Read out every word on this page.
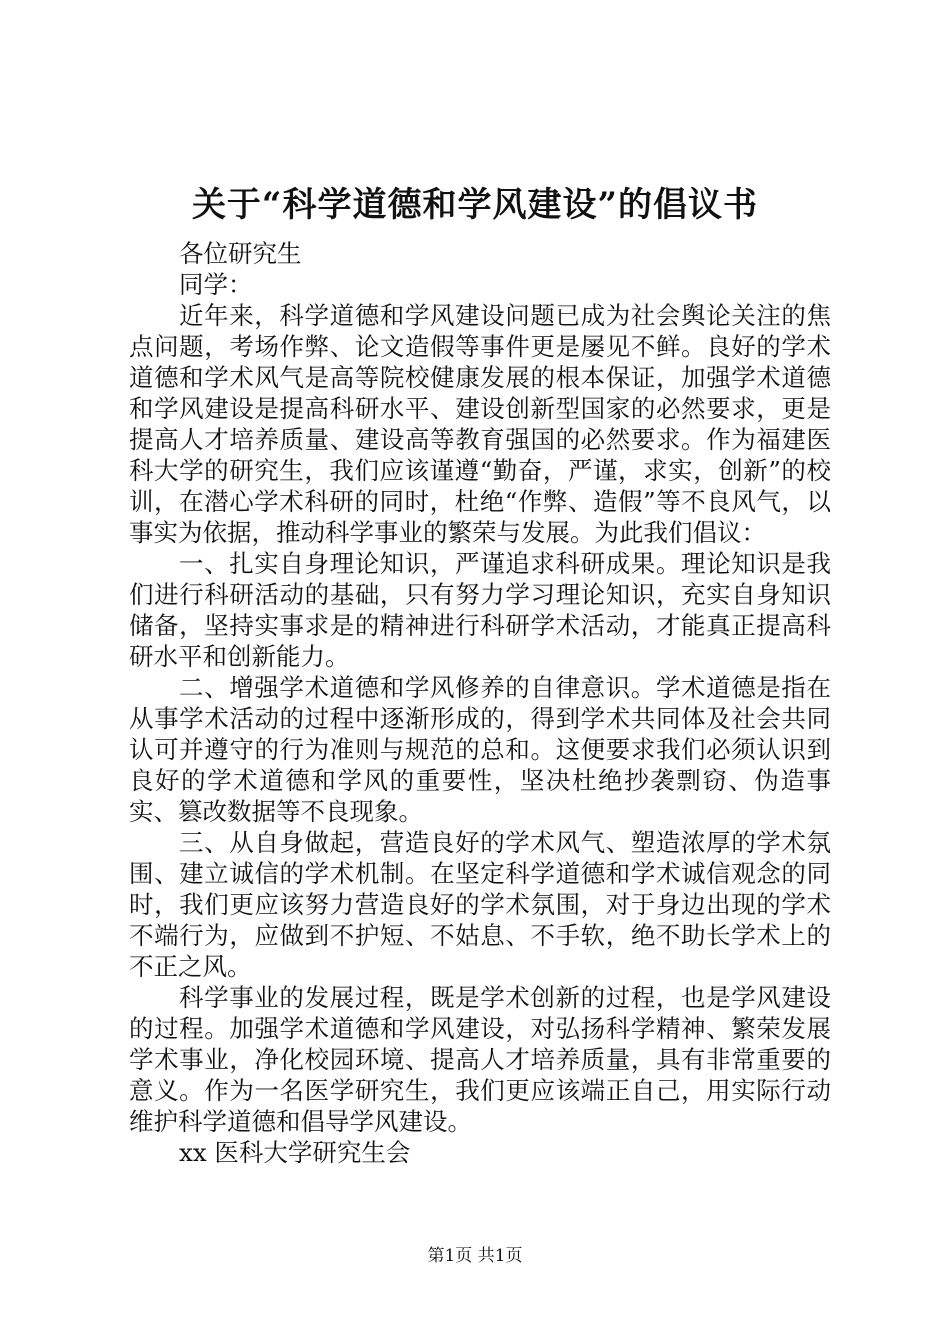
关于“科学道德和学风建设”的倡议书

各位研究生

同学：

近年来，科学道德和学风建设问题已成为社会舆论关注的焦点问题，考场作弊、论文造假等事件更是屡见不鲜。良好的学术道德和学术风气是高等院校健康发展的根本保证，加强学术道德和学风建设是提高科研水平、建设创新型国家的必然要求，更是提高人才培养质量、建设高等教育强国的必然要求。作为福建医科大学的研究生，我们应该谨遵“勤奋，严谨，求实，创新”的校训，在潜心学术科研的同时，杜绝“作弊、造假”等不良风气，以事实为依据，推动科学事业的繁荣与发展。为此我们倡议：

一、扎实自身理论知识，严谨追求科研成果。理论知识是我们进行科研活动的基础，只有努力学习理论知识，充实自身知识储备，坚持实事求是的精神进行科研学术活动，才能真正提高科研水平和创新能力。

二、增强学术道德和学风修养的自律意识。学术道德是指在从事学术活动的过程中逐渐形成的，得到学术共同体及社会共同认可并遵守的行为准则与规范的总和。这便要求我们必须认识到良好的学术道德和学风的重要性，坚决杜绝抄袭剽窃、伪造事实、篡改数据等不良现象。

三、从自身做起，营造良好的学术风气、塑造浓厚的学术氛围、建立诚信的学术机制。在坚定科学道德和学术诚信观念的同时，我们更应该努力营造良好的学术氛围，对于身边出现的学术不端行为，应做到不护短、不姑息、不手软，绝不助长学术上的不正之风。

科学事业的发展过程，既是学术创新的过程，也是学风建设的过程。加强学术道德和学风建设，对弘扬科学精神、繁荣发展学术事业，净化校园环境、提高人才培养质量，具有非常重要的意义。作为一名医学研究生，我们更应该端正自己，用实际行动维护科学道德和倡导学风建设。

xx 医科大学研究生会

第1页 共1页
